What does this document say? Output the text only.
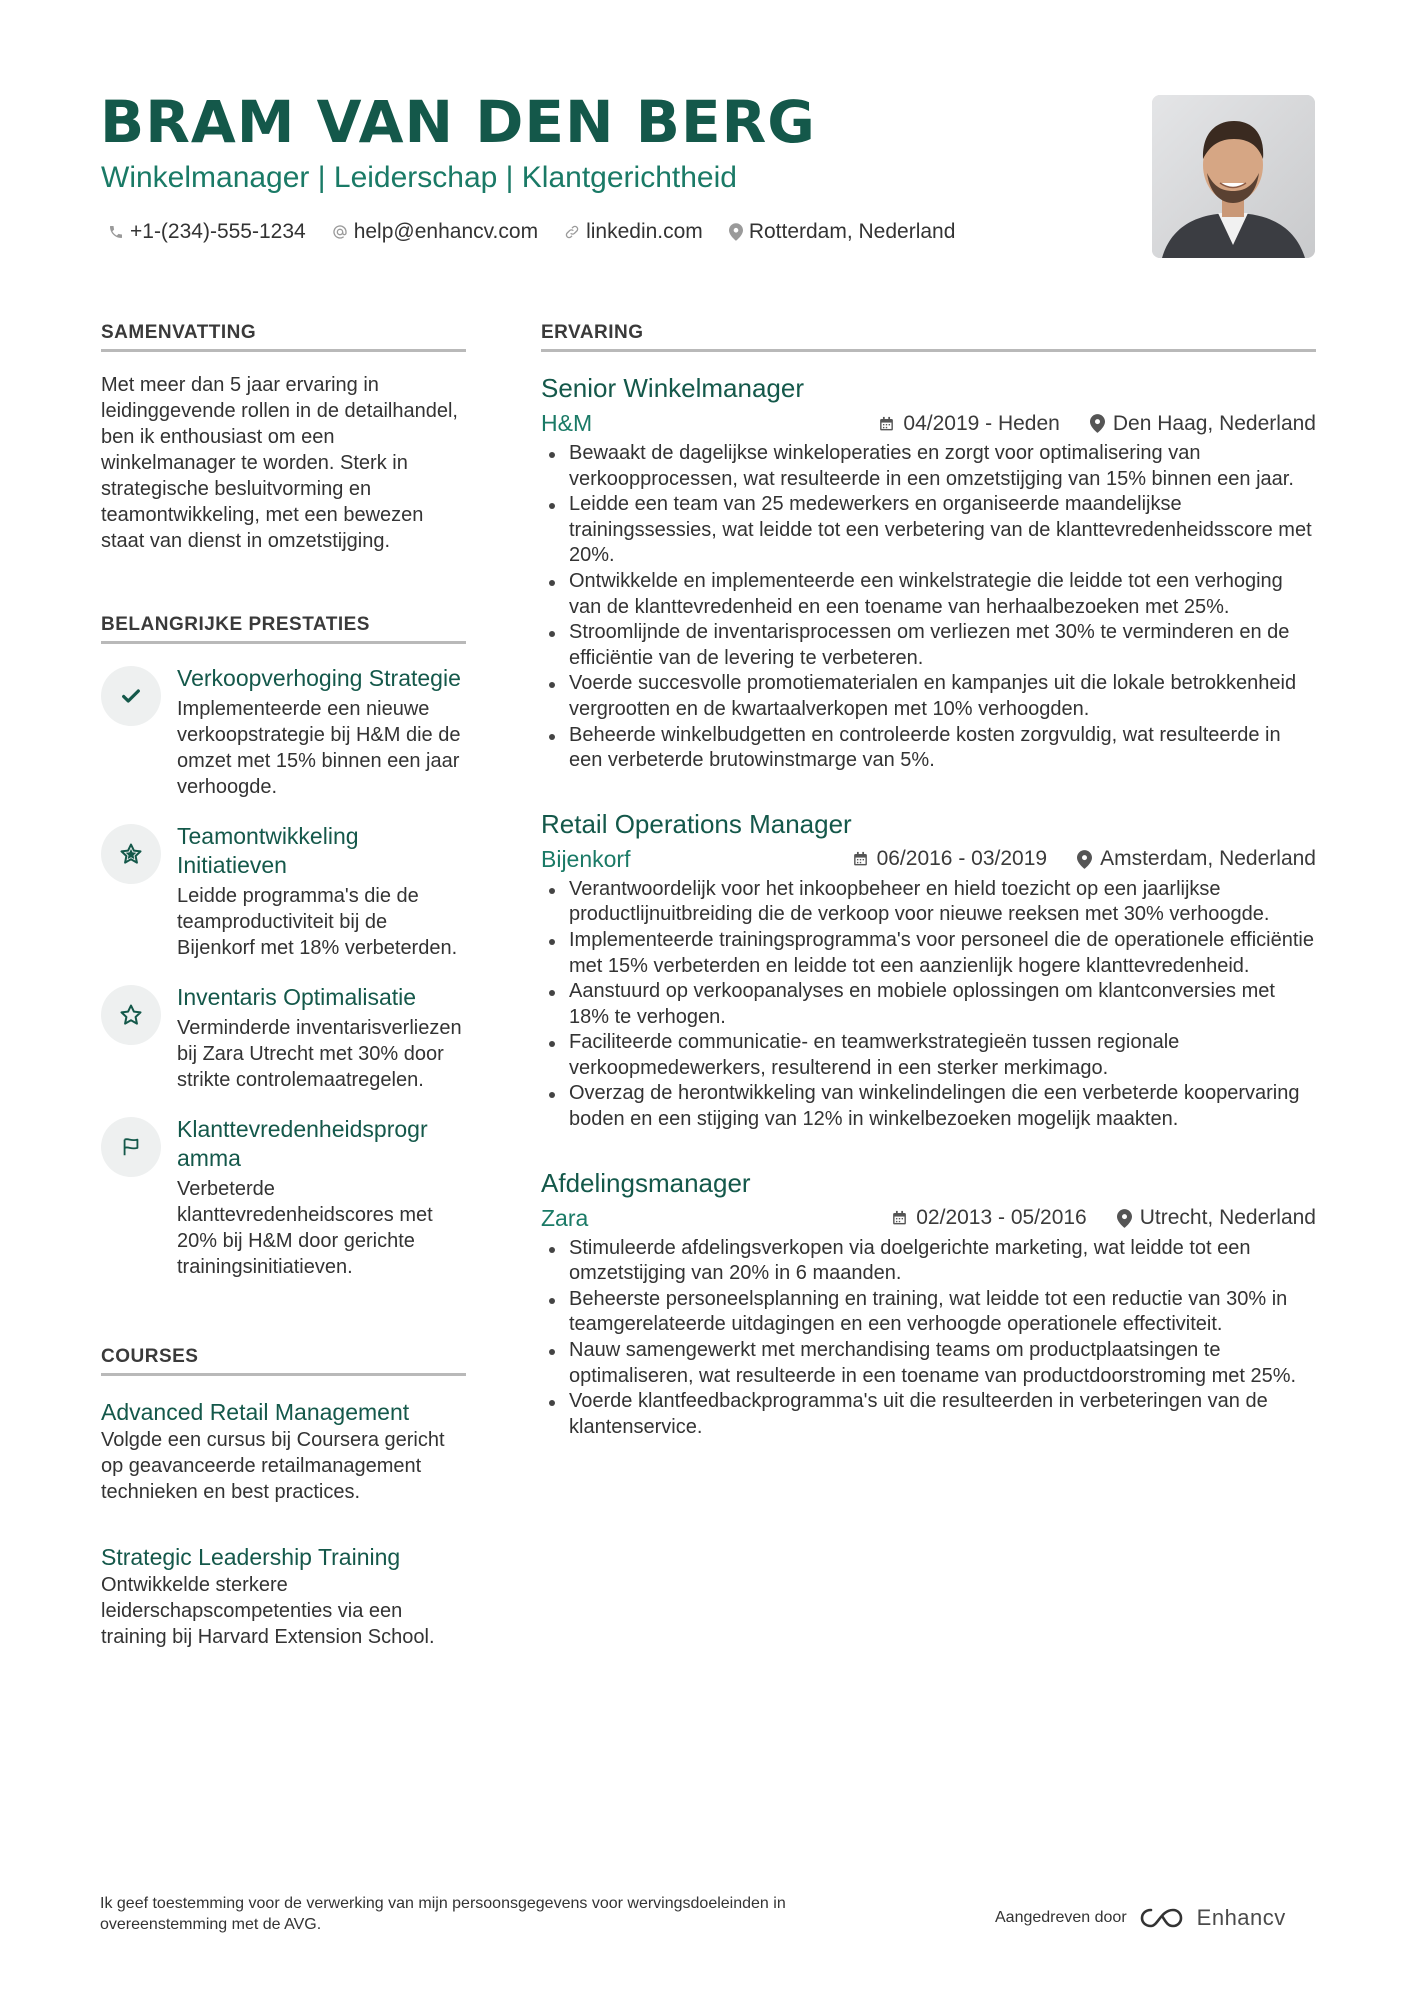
BRAM VAN DEN BERG
Winkelmanager | Leiderschap | Klantgerichtheid
+1-(234)-555-1234 help@enhancv.com linkedin.com Rotterdam, Nederland
SAMENVATTING
Met meer dan 5 jaar ervaring in leidinggevende rollen in de detailhandel, ben ik enthousiast om een winkelmanager te worden. Sterk in strategische besluitvorming en teamontwikkeling, met een bewezen staat van dienst in omzetstijging.
BELANGRIJKE PRESTATIES
Verkoopverhoging Strategie
Implementeerde een nieuwe verkoopstrategie bij H&M die de omzet met 15% binnen een jaar verhoogde.
Teamontwikkeling Initiatieven
Leidde programma's die de teamproductiviteit bij de Bijenkorf met 18% verbeterden.
Inventaris Optimalisatie
Verminderde inventarisverliezen bij Zara Utrecht met 30% door strikte controlemaatregelen.
Klanttevredenheidsprogr amma
Verbeterde klanttevredenheidscores met 20% bij H&M door gerichte trainingsinitiatieven.
COURSES
Advanced Retail Management
Volgde een cursus bij Coursera gericht op geavanceerde retailmanagement technieken en best practices.
Strategic Leadership Training
Ontwikkelde sterkere leiderschapscompetenties via een training bij Harvard Extension School.
ERVARING
Senior Winkelmanager
H&M	04/2019 - Heden	Den Haag, Nederland
Bewaakt de dagelijkse winkeloperaties en zorgt voor optimalisering van verkoopprocessen, wat resulteerde in een omzetstijging van 15% binnen een jaar.
Leidde een team van 25 medewerkers en organiseerde maandelijkse trainingssessies, wat leidde tot een verbetering van de klanttevredenheidsscore met 20%.
Ontwikkelde en implementeerde een winkelstrategie die leidde tot een verhoging van de klanttevredenheid en een toename van herhaalbezoeken met 25%.
Stroomlijnde de inventarisprocessen om verliezen met 30% te verminderen en de efficiëntie van de levering te verbeteren.
Voerde succesvolle promotiematerialen en kampanjes uit die lokale betrokkenheid vergrootten en de kwartaalverkopen met 10% verhoogden.
Beheerde winkelbudgetten en controleerde kosten zorgvuldig, wat resulteerde in een verbeterde brutowinstmarge van 5%.
Retail Operations Manager
Bijenkorf	06/2016 - 03/2019	Amsterdam, Nederland
Verantwoordelijk voor het inkoopbeheer en hield toezicht op een jaarlijkse productlijnuitbreiding die de verkoop voor nieuwe reeksen met 30% verhoogde.
Implementeerde trainingsprogramma's voor personeel die de operationele efficiëntie met 15% verbeterden en leidde tot een aanzienlijk hogere klanttevredenheid.
Aanstuurd op verkoopanalyses en mobiele oplossingen om klantconversies met 18% te verhogen.
Faciliteerde communicatie- en teamwerkstrategieën tussen regionale verkoopmedewerkers, resulterend in een sterker merkimago.
Overzag de herontwikkeling van winkelindelingen die een verbeterde koopervaring boden en een stijging van 12% in winkelbezoeken mogelijk maakten.
Afdelingsmanager
Zara	02/2013 - 05/2016	Utrecht, Nederland
Stimuleerde afdelingsverkopen via doelgerichte marketing, wat leidde tot een omzetstijging van 20% in 6 maanden.
Beheerste personeelsplanning en training, wat leidde tot een reductie van 30% in teamgerelateerde uitdagingen en een verhoogde operationele effectiviteit.
Nauw samengewerkt met merchandising teams om productplaatsingen te optimaliseren, wat resulteerde in een toename van productdoorstroming met 25%.
Voerde klantfeedbackprogramma's uit die resulteerden in verbeteringen van de klantenservice.
Ik geef toestemming voor de verwerking van mijn persoonsgegevens voor wervingsdoeleinden in overeenstemming met de AVG.	Aangedreven door	Enhancv
